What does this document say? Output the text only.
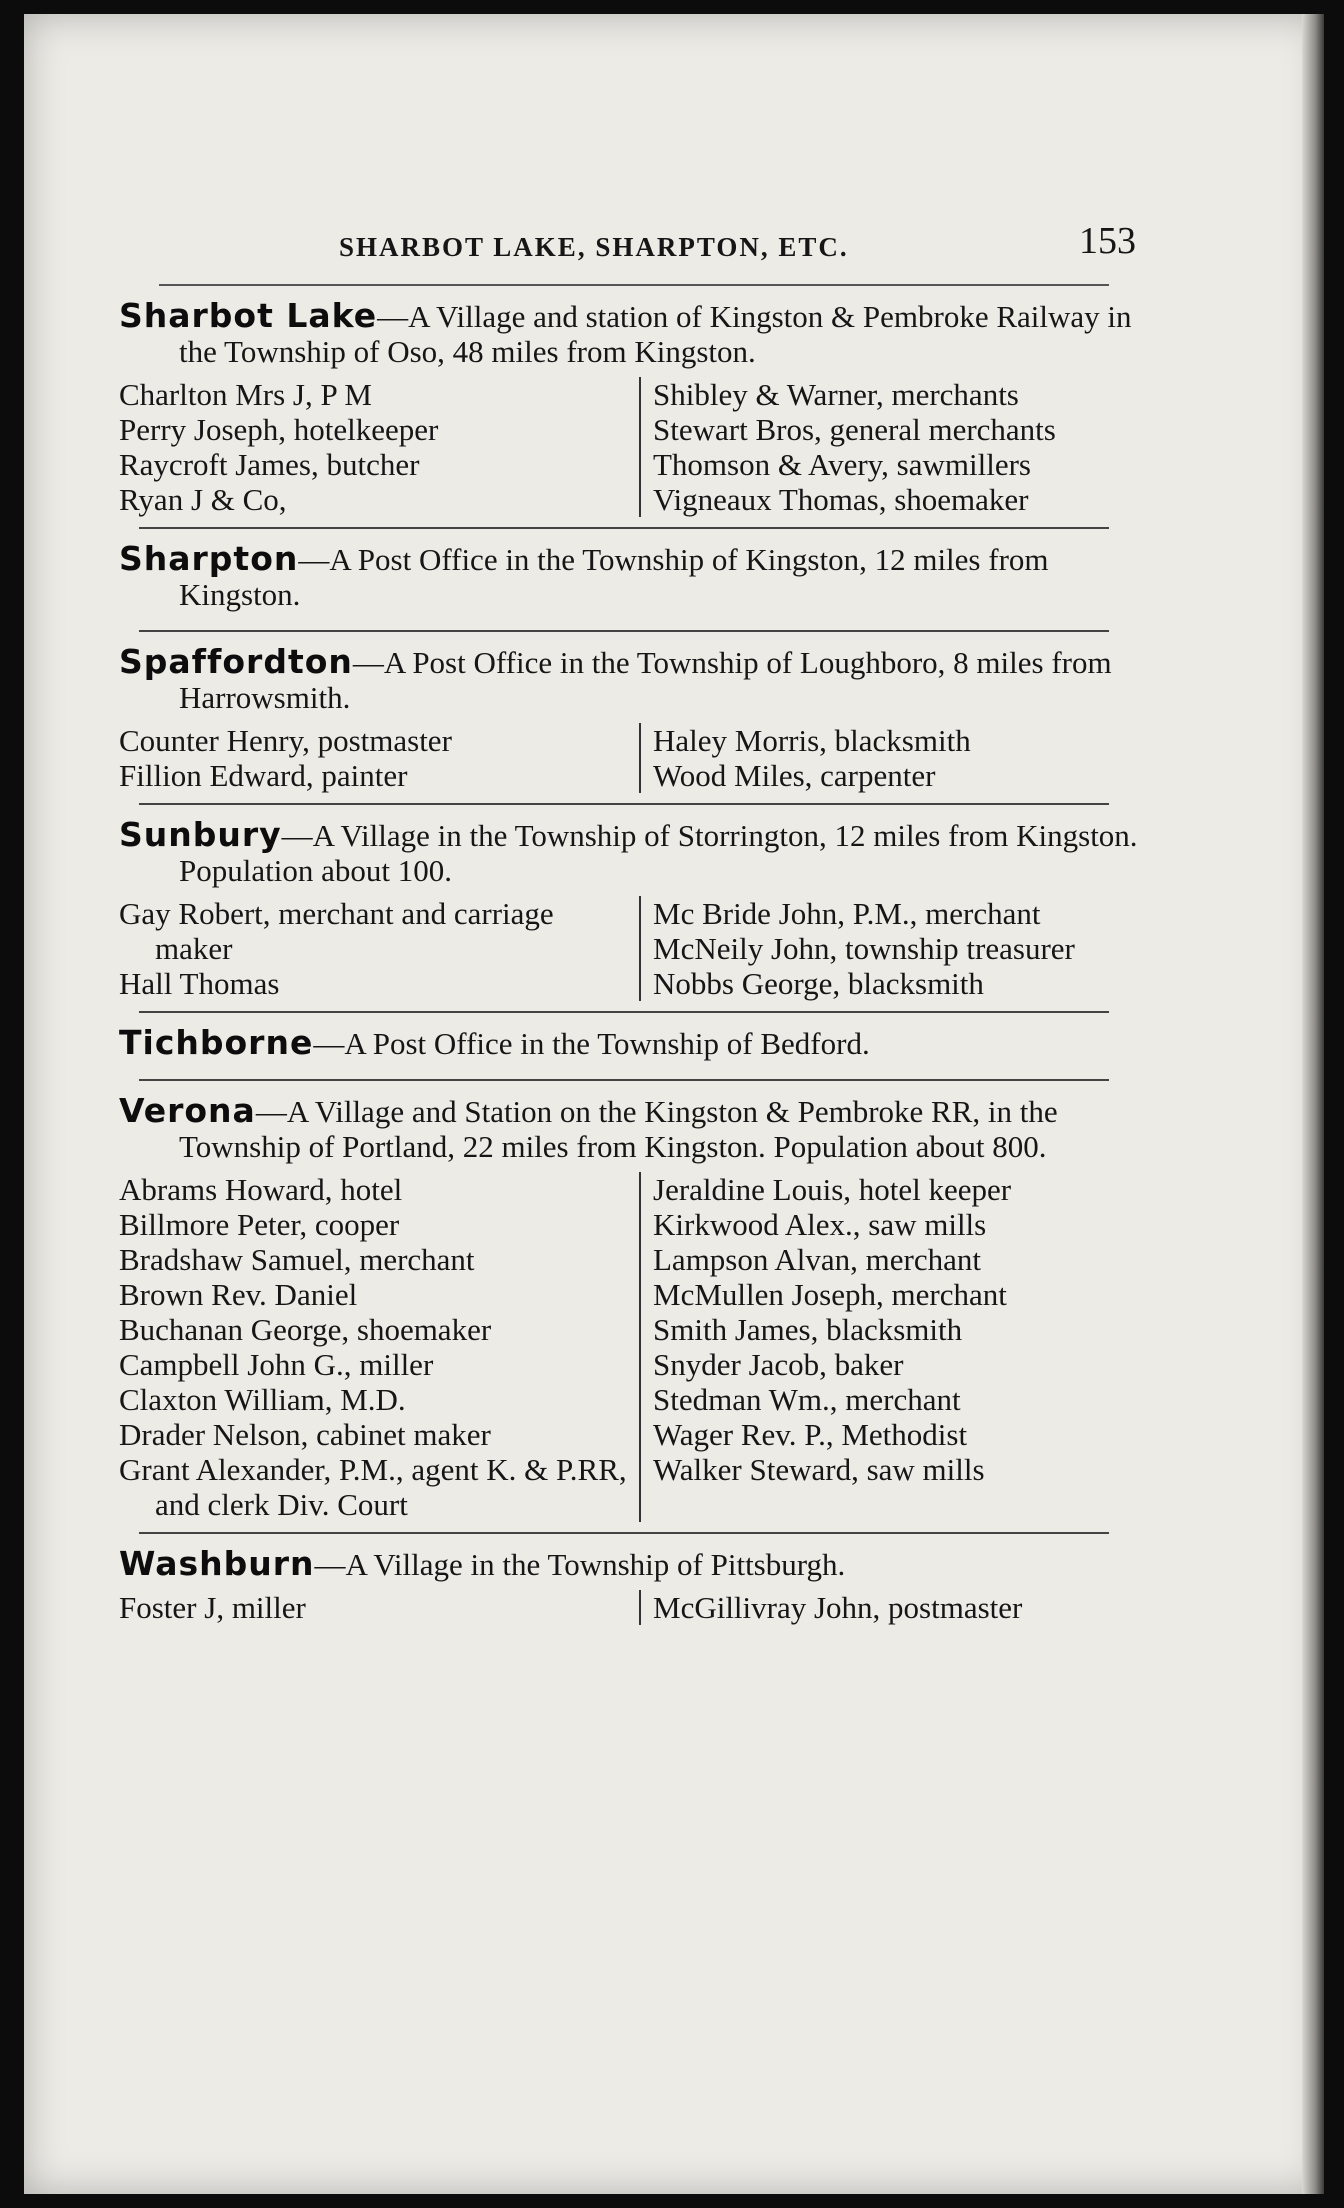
SHARBOT LAKE, SHARPTON, ETC.	153
Sharbot Lake—A Village and station of Kingston & Pembroke Railway in the Township of Oso, 48 miles from Kingston.
Charlton Mrs J, P M
Perry Joseph, hotelkeeper
Raycroft James, butcher
Ryan J & Co,
Shibley & Warner, merchants
Stewart Bros, general merchants
Thomson & Avery, sawmillers
Vigneaux Thomas, shoemaker
Sharpton—A Post Office in the Township of Kingston, 12 miles from Kingston.
Spaffordton—A Post Office in the Township of Loughboro, 8 miles from Harrowsmith.
Counter Henry, postmaster
Fillion Edward, painter
Haley Morris, blacksmith
Wood Miles, carpenter
Sunbury—A Village in the Township of Storrington, 12 miles from Kingston. Population about 100.
Gay Robert, merchant and carriage maker
Hall Thomas
Mc Bride John, P.M., merchant
McNeily John, township treasurer
Nobbs George, blacksmith
Tichborne—A Post Office in the Township of Bedford.
Verona—A Village and Station on the Kingston & Pembroke RR, in the Township of Portland, 22 miles from Kingston. Population about 800.
Abrams Howard, hotel
Billmore Peter, cooper
Bradshaw Samuel, merchant
Brown Rev. Daniel
Buchanan George, shoemaker
Campbell John G., miller
Claxton William, M.D.
Drader Nelson, cabinet maker
Grant Alexander, P.M., agent K. & P.RR, and clerk Div. Court
Jeraldine Louis, hotel keeper
Kirkwood Alex., saw mills
Lampson Alvan, merchant
McMullen Joseph, merchant
Smith James, blacksmith
Snyder Jacob, baker
Stedman Wm., merchant
Wager Rev. P., Methodist
Walker Steward, saw mills
Washburn—A Village in the Township of Pittsburgh.
Foster J, miller	McGillivray John, postmaster
